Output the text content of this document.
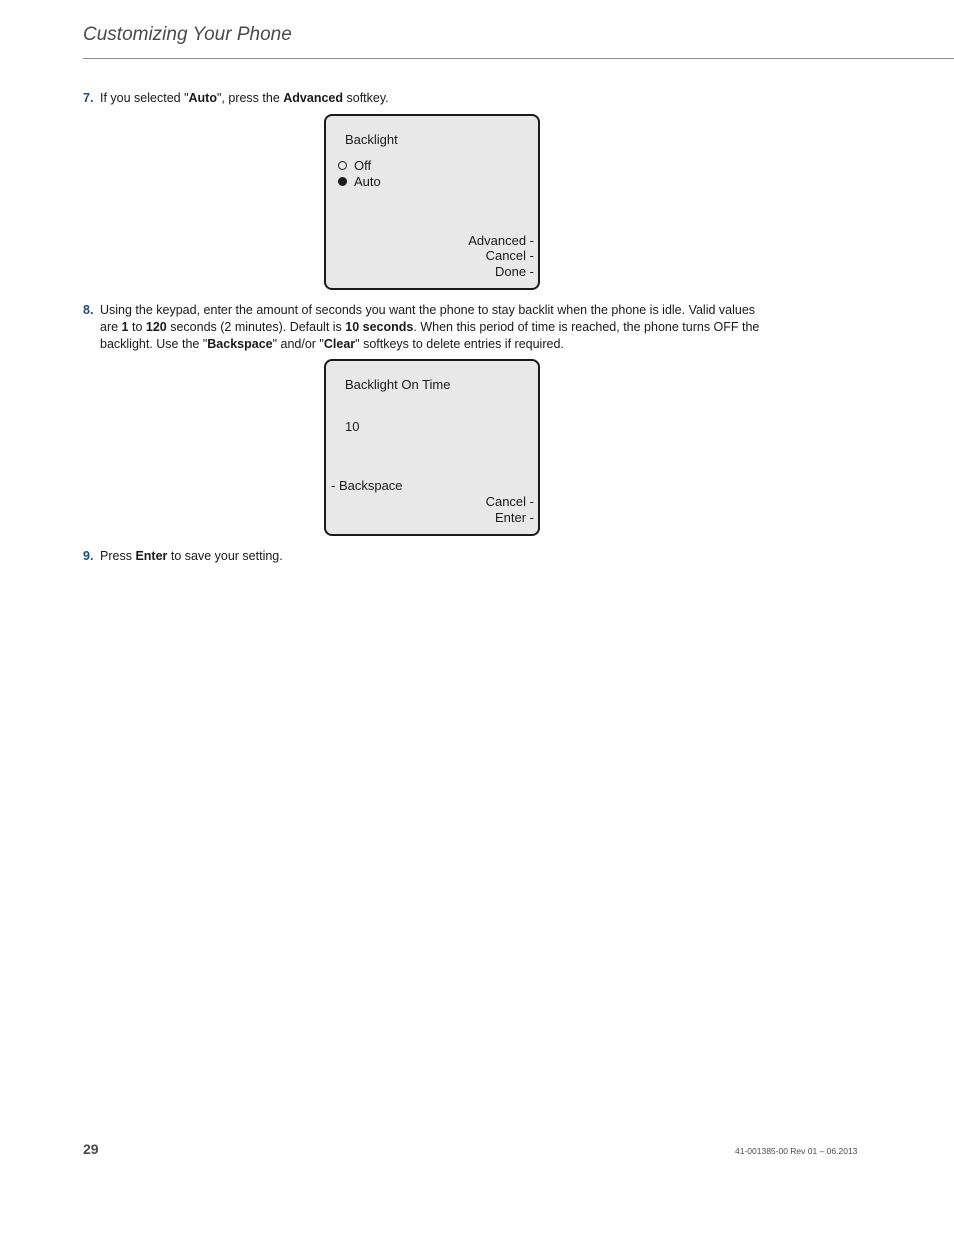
Customizing Your Phone
7. If you selected "Auto", press the Advanced softkey.
Backlight
Off
Auto
Advanced -
Cancel -
Done -
8. Using the keypad, enter the amount of seconds you want the phone to stay backlit when the phone is idle. Valid values are 1 to 120 seconds (2 minutes). Default is 10 seconds. When this period of time is reached, the phone turns OFF the backlight. Use the "Backspace" and/or "Clear" softkeys to delete entries if required.
Backlight On Time
10
- Backspace
Cancel -
Enter -
9. Press Enter to save your setting.
29	41-001385-00 Rev 01 – 06.2013
